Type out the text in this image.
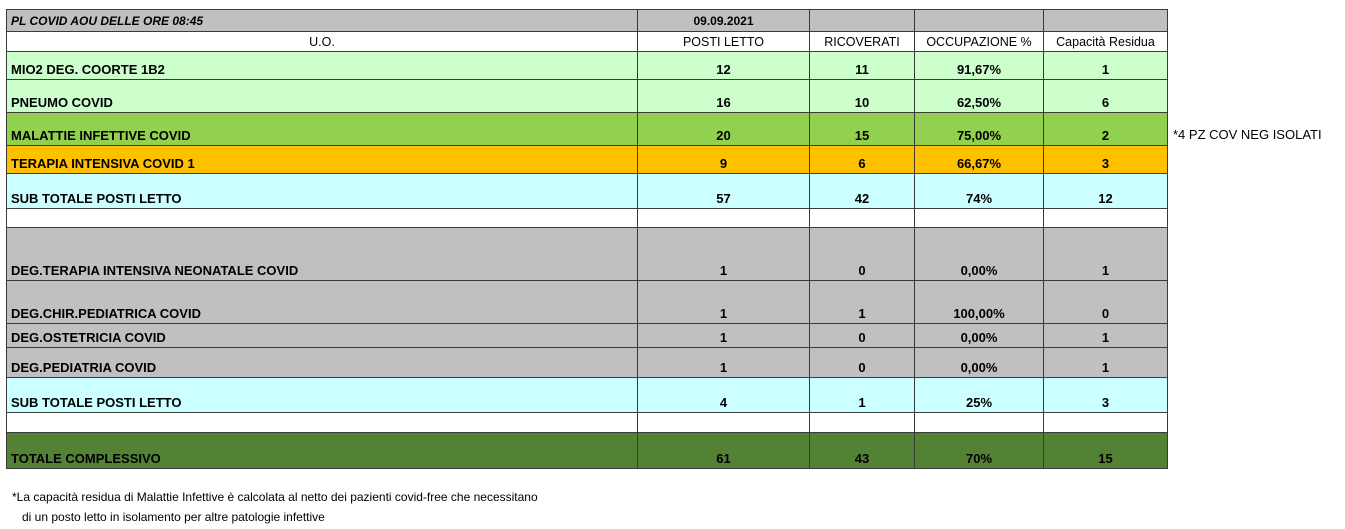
PL COVID AOU DELLE ORE 08:45	09.09.2021			
U.O.	POSTI LETTO	RICOVERATI	OCCUPAZIONE %	Capacità Residua
MIO2 DEG. COORTE 1B2	12	11	91,67%	1
PNEUMO COVID	16	10	62,50%	6
MALATTIE INFETTIVE COVID	20	15	75,00%	2
TERAPIA INTENSIVA COVID 1	9	6	66,67%	3
SUB TOTALE POSTI LETTO	57	42	74%	12

DEG.TERAPIA INTENSIVA NEONATALE COVID	1	0	0,00%	1
DEG.CHIR.PEDIATRICA COVID	1	1	100,00%	0
DEG.OSTETRICIA COVID	1	0	0,00%	1
DEG.PEDIATRIA COVID	1	0	0,00%	1
SUB TOTALE POSTI LETTO	4	1	25%	3

TOTALE COMPLESSIVO	61	43	70%	15
*4 PZ COV NEG ISOLATI
*La capacità residua di Malattie Infettive è calcolata al netto dei pazienti covid-free che necessitano
di un posto letto in isolamento per altre patologie infettive
